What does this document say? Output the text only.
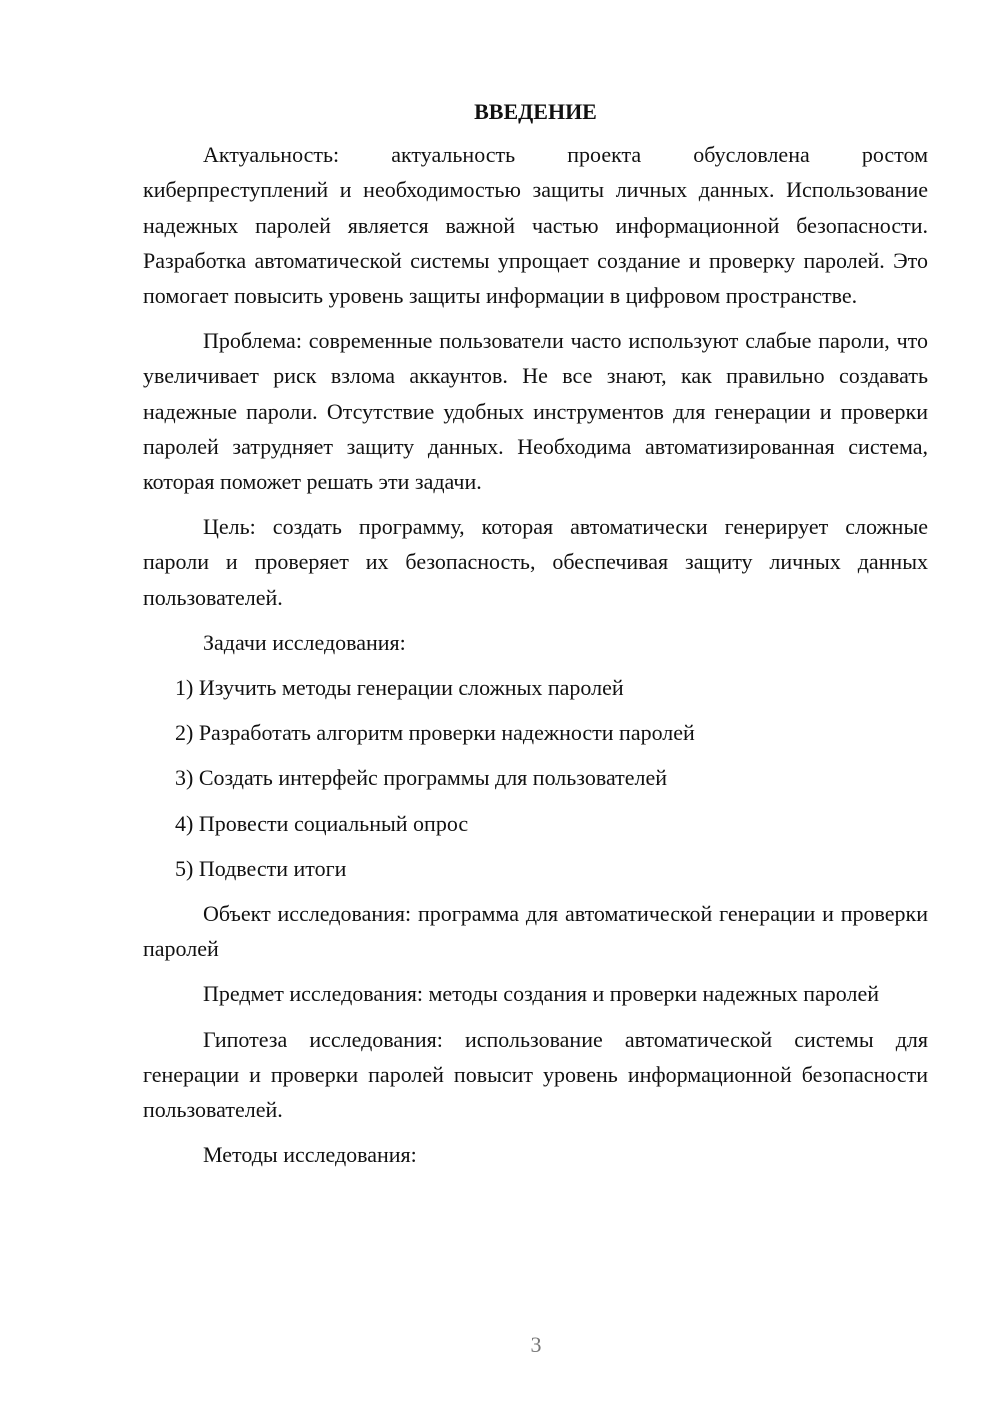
ВВЕДЕНИЕ

Актуальность: актуальность проекта обусловлена ростом киберпреступлений и необходимостью защиты личных данных. Использование надежных паролей является важной частью информационной безопасности. Разработка автоматической системы упрощает создание и проверку паролей. Это помогает повысить уровень защиты информации в цифровом пространстве.

Проблема: современные пользователи часто используют слабые пароли, что увеличивает риск взлома аккаунтов. Не все знают, как правильно создавать надежные пароли. Отсутствие удобных инструментов для генерации и проверки паролей затрудняет защиту данных. Необходима автоматизированная система, которая поможет решать эти задачи.

Цель: создать программу, которая автоматически генерирует сложные пароли и проверяет их безопасность, обеспечивая защиту личных данных пользователей.

Задачи исследования:

1) Изучить методы генерации сложных паролей
2) Разработать алгоритм проверки надежности паролей
3) Создать интерфейс программы для пользователей
4) Провести социальный опрос
5) Подвести итоги

Объект исследования: программа для автоматической генерации и проверки паролей

Предмет исследования: методы создания и проверки надежных паролей

Гипотеза исследования: использование автоматической системы для генерации и проверки паролей повысит уровень информационной безопасности пользователей.

Методы исследования:

3
